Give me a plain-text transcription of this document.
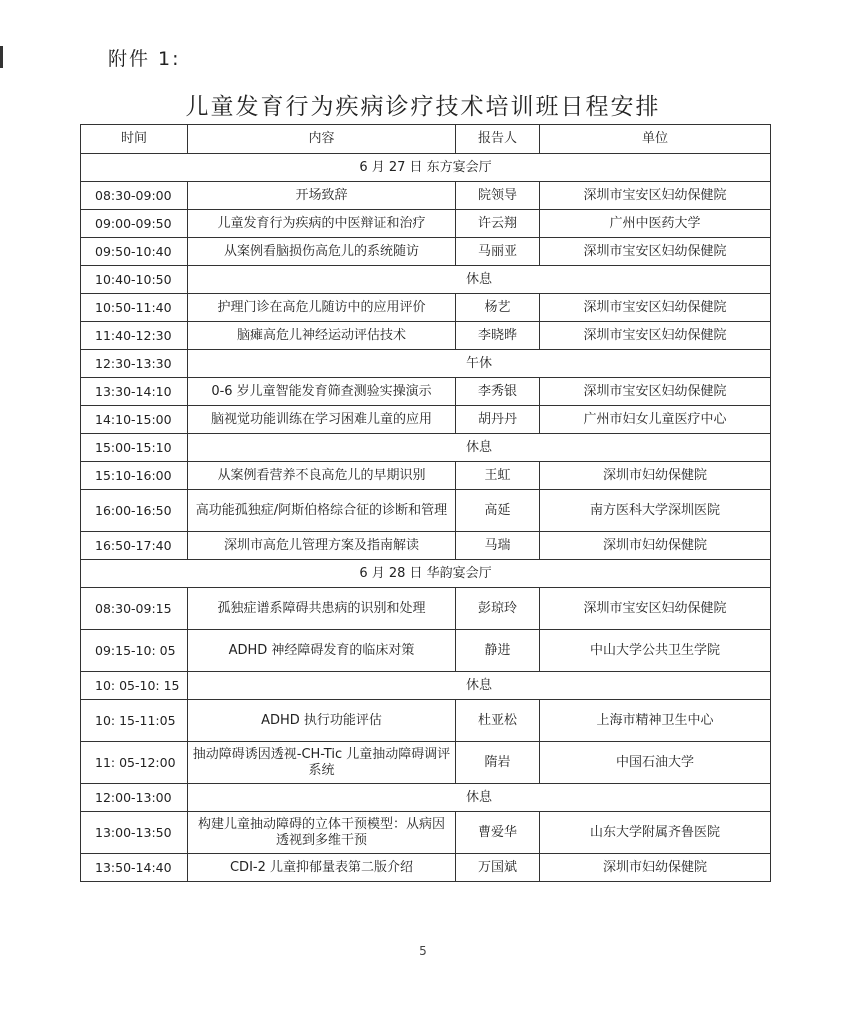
附件 1:
儿童发育行为疾病诊疗技术培训班日程安排
时间	内容	报告人	单位
6 月 27 日 东方宴会厅			
08:30-09:00	开场致辞	院领导	深圳市宝安区妇幼保健院
09:00-09:50	儿童发育行为疾病的中医辩证和治疗	许云翔	广州中医药大学
09:50-10:40	从案例看脑损伤高危儿的系统随访	马丽亚	深圳市宝安区妇幼保健院
10:40-10:50	休息		
10:50-11:40	护理门诊在高危儿随访中的应用评价	杨艺	深圳市宝安区妇幼保健院
11:40-12:30	脑瘫高危儿神经运动评估技术	李晓晔	深圳市宝安区妇幼保健院
12:30-13:30	午休		
13:30-14:10	0-6 岁儿童智能发育筛查测验实操演示	李秀银	深圳市宝安区妇幼保健院
14:10-15:00	脑视觉功能训练在学习困难儿童的应用	胡丹丹	广州市妇女儿童医疗中心
15:00-15:10	休息		
15:10-16:00	从案例看营养不良高危儿的早期识别	王虹	深圳市妇幼保健院
16:00-16:50	高功能孤独症/阿斯伯格综合征的诊断和管理	高延	南方医科大学深圳医院
16:50-17:40	深圳市高危儿管理方案及指南解读	马瑞	深圳市妇幼保健院
6 月 28 日 华韵宴会厅			
08:30-09:15	孤独症谱系障碍共患病的识别和处理	彭琼玲	深圳市宝安区妇幼保健院
09:15-10: 05	ADHD 神经障碍发育的临床对策	静进	中山大学公共卫生学院
10: 05-10: 15	休息		
10: 15-11:05	ADHD 执行功能评估	杜亚松	上海市精神卫生中心
11: 05-12:00	抽动障碍诱因透视-CH-Tic 儿童抽动障碍调评系统	隋岩	中国石油大学
12:00-13:00	休息		
13:00-13:50	构建儿童抽动障碍的立体干预模型：从病因透视到多维干预	曹爱华	山东大学附属齐鲁医院
13:50-14:40	CDI-2 儿童抑郁量表第二版介绍	万国斌	深圳市妇幼保健院
5
